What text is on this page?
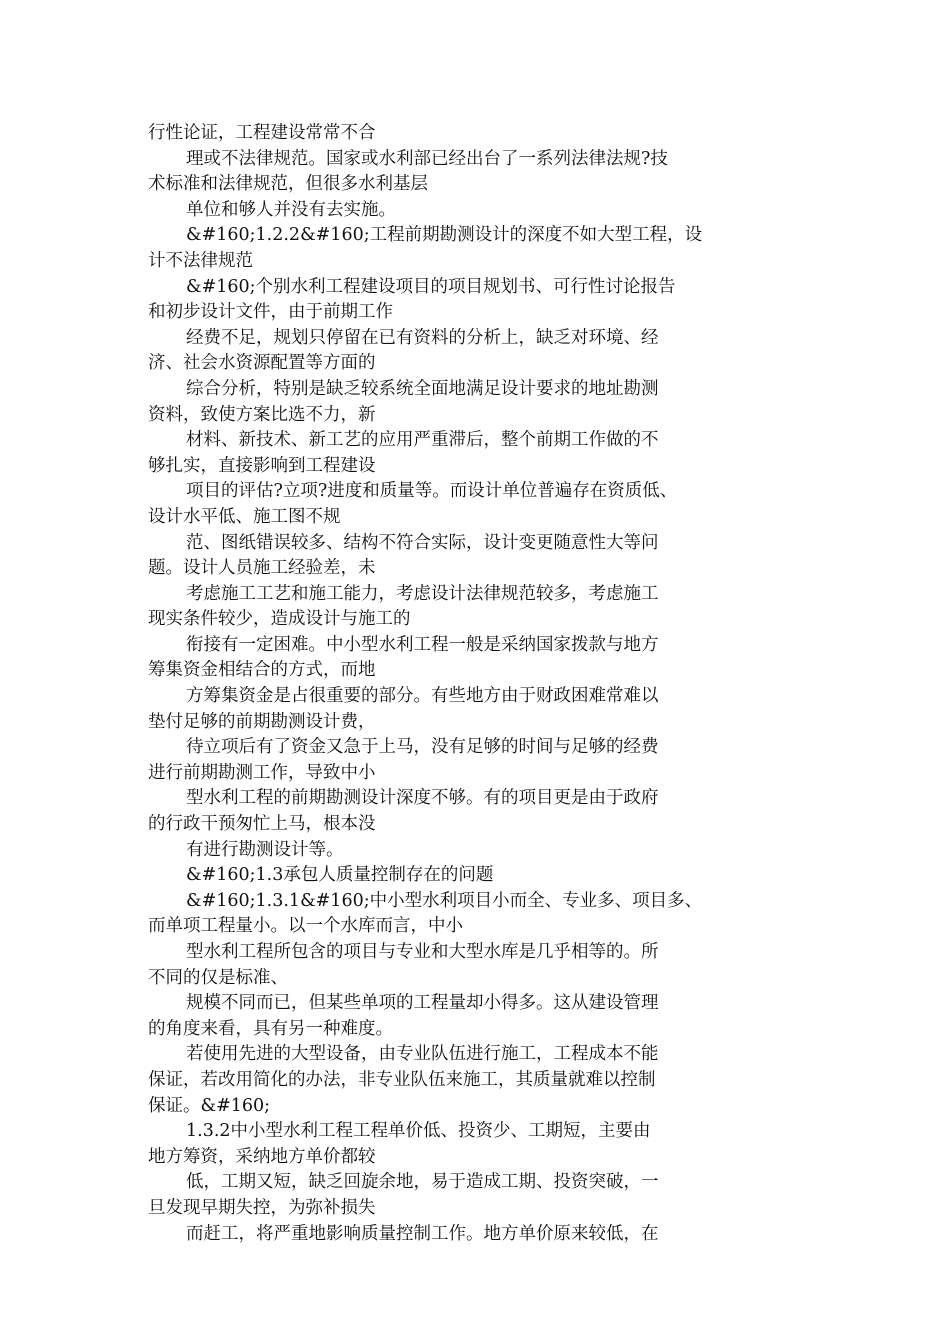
行性论证，工程建设常常不合
理或不法律规范。国家或水利部已经出台了一系列法律法规?技
术标准和法律规范，但很多水利基层
单位和够人并没有去实施。
&#160;1.2.2&#160;工程前期勘测设计的深度不如大型工程，设
计不法律规范
&#160;个别水利工程建设项目的项目规划书、可行性讨论报告
和初步设计文件，由于前期工作
经费不足，规划只停留在已有资料的分析上，缺乏对环境、经
济、社会水资源配置等方面的
综合分析，特别是缺乏较系统全面地满足设计要求的地址勘测
资料，致使方案比选不力，新
材料、新技术、新工艺的应用严重滞后，整个前期工作做的不
够扎实，直接影响到工程建设
项目的评估?立项?进度和质量等。而设计单位普遍存在资质低、
设计水平低、施工图不规
范、图纸错误较多、结构不符合实际，设计变更随意性大等问
题。设计人员施工经验差，未
考虑施工工艺和施工能力，考虑设计法律规范较多，考虑施工
现实条件较少，造成设计与施工的
衔接有一定困难。中小型水利工程一般是采纳国家拨款与地方
筹集资金相结合的方式，而地
方筹集资金是占很重要的部分。有些地方由于财政困难常难以
垫付足够的前期勘测设计费，
待立项后有了资金又急于上马，没有足够的时间与足够的经费
进行前期勘测工作，导致中小
型水利工程的前期勘测设计深度不够。有的项目更是由于政府
的行政干预匆忙上马，根本没
有进行勘测设计等。
&#160;1.3承包人质量控制存在的问题
&#160;1.3.1&#160;中小型水利项目小而全、专业多、项目多、
而单项工程量小。以一个水库而言，中小
型水利工程所包含的项目与专业和大型水库是几乎相等的。所
不同的仅是标准、
规模不同而已，但某些单项的工程量却小得多。这从建设管理
的角度来看，具有另一种难度。
若使用先进的大型设备，由专业队伍进行施工，工程成本不能
保证，若改用简化的办法，非专业队伍来施工，其质量就难以控制
保证。&#160;
1.3.2中小型水利工程工程单价低、投资少、工期短，主要由
地方筹资，采纳地方单价都较
低，工期又短，缺乏回旋余地，易于造成工期、投资突破，一
旦发现早期失控，为弥补损失
而赶工，将严重地影响质量控制工作。地方单价原来较低，在
